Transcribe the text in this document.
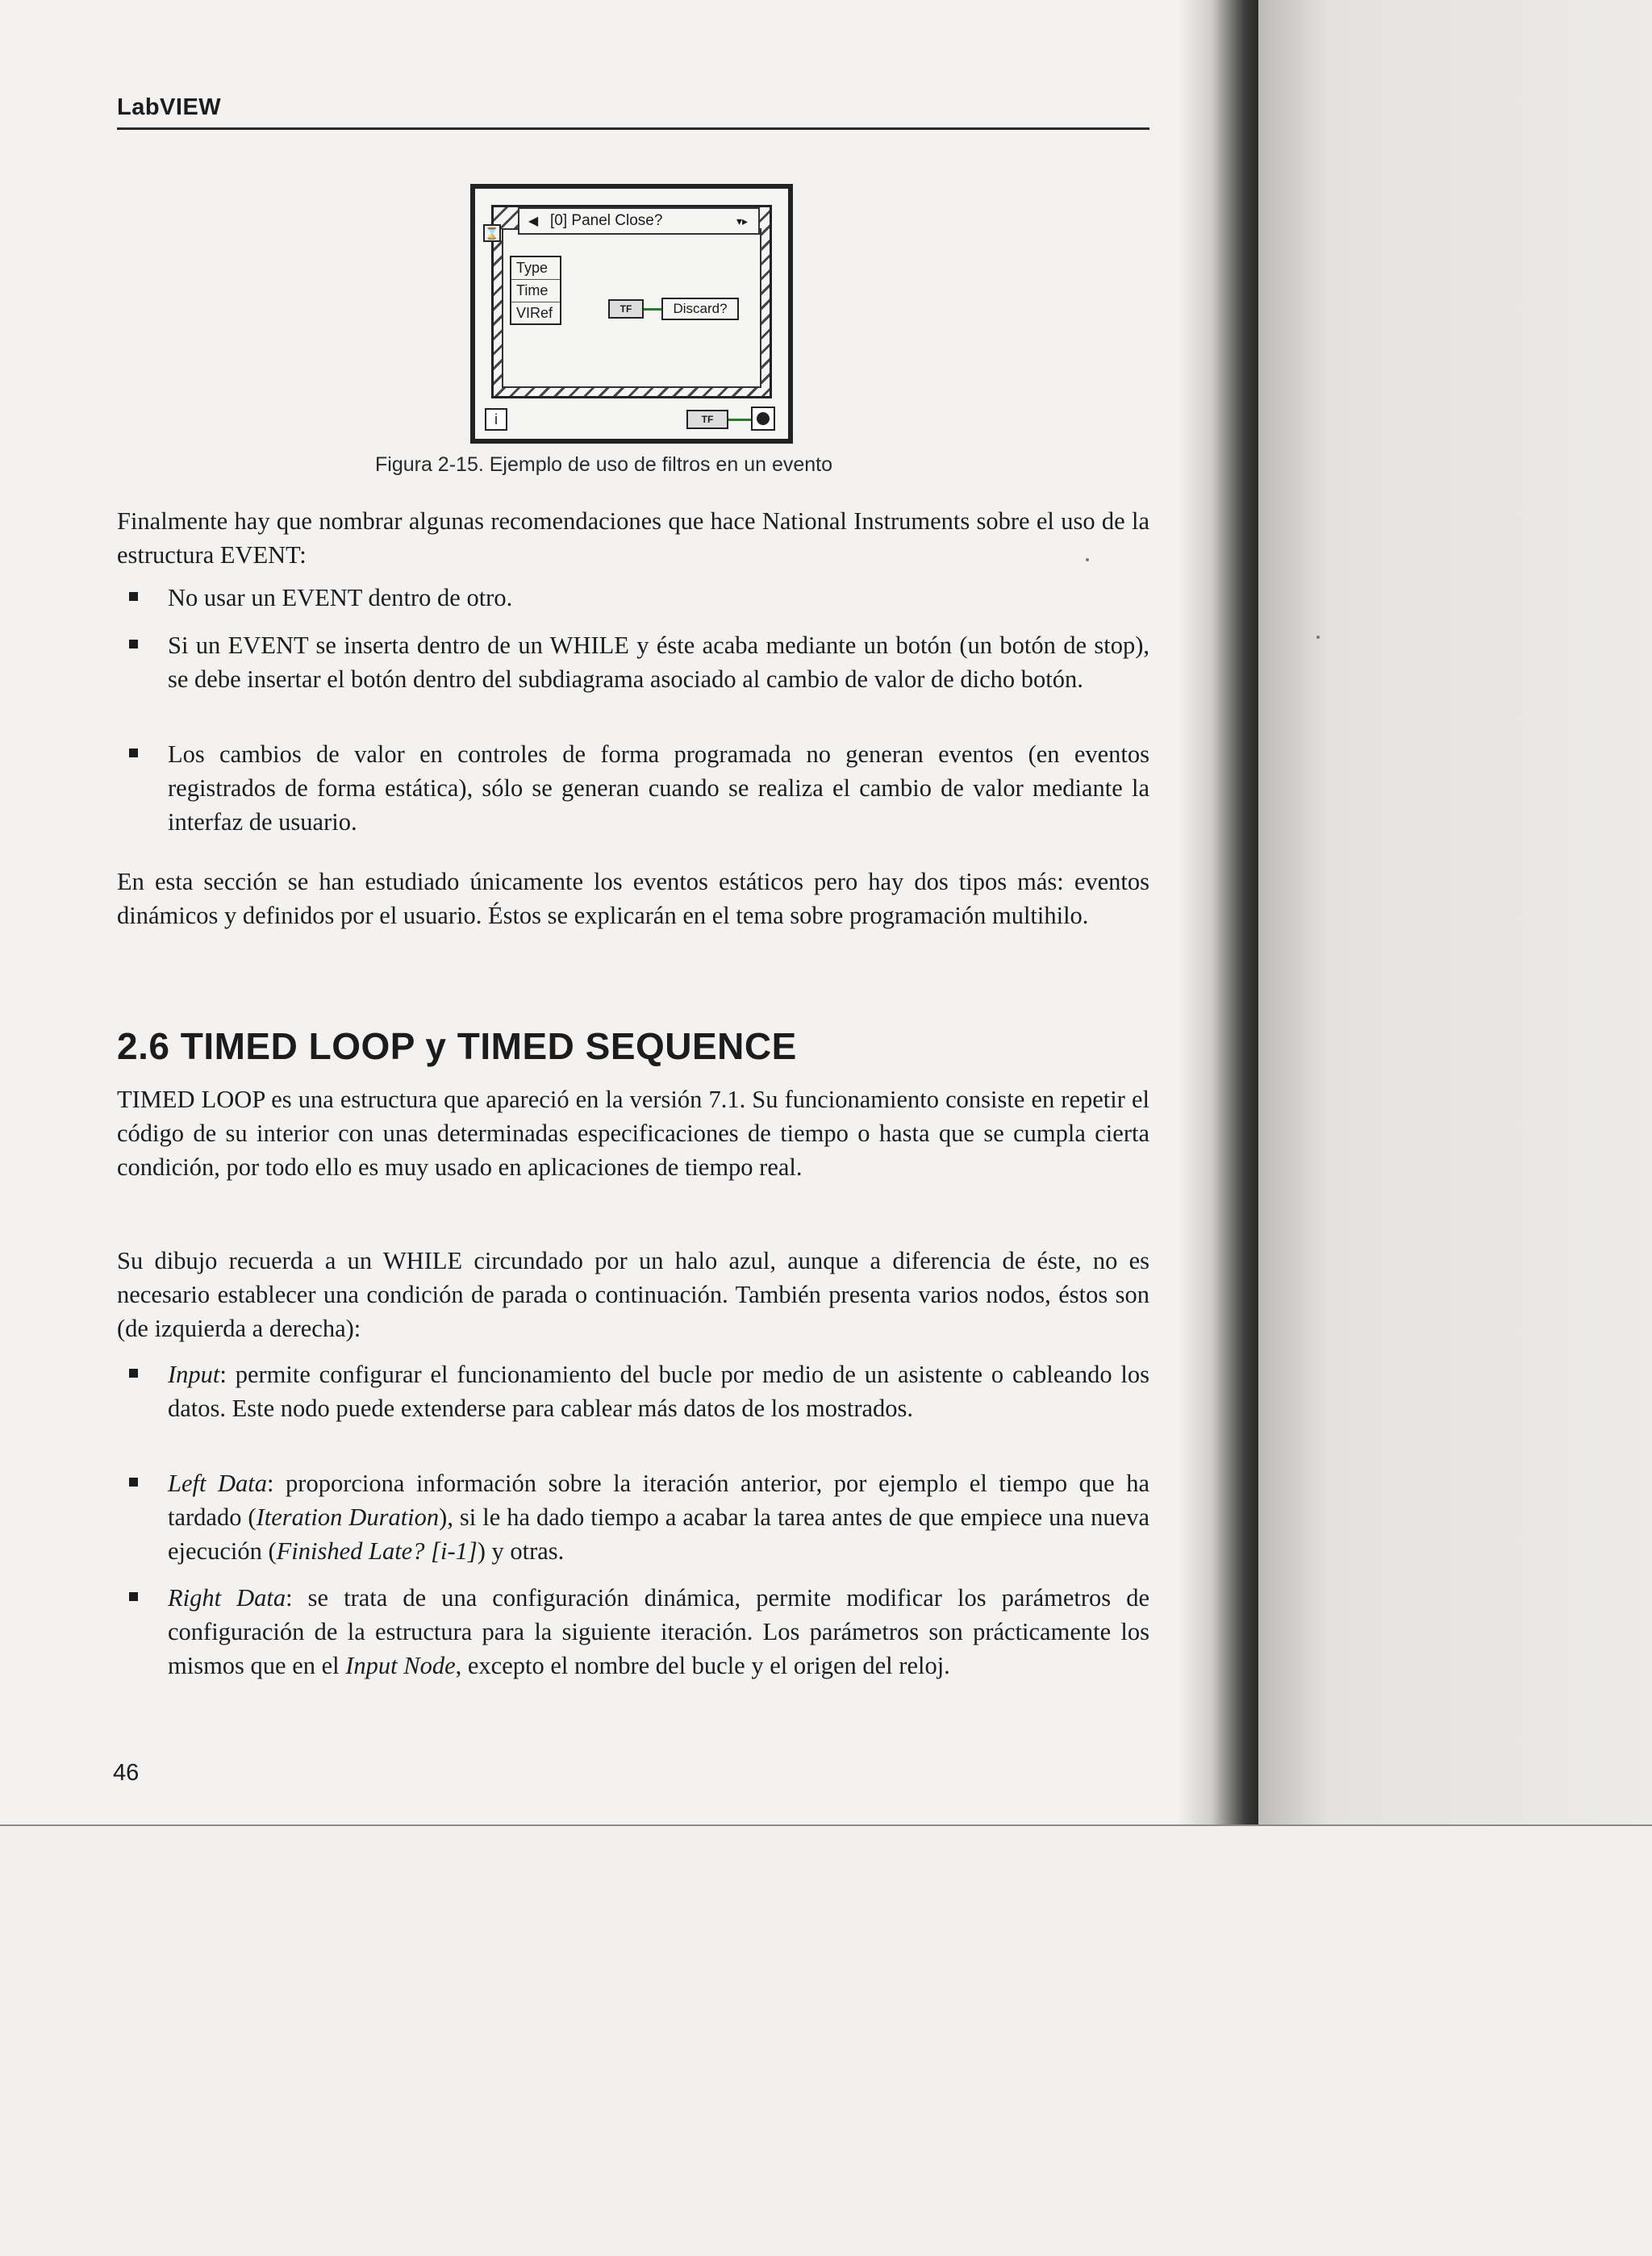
LabVIEW
◀ [0] Panel Close?	▾▸
Type
Time
VIRef	TF	Discard?
⌛
i	TF
Figura 2-15. Ejemplo de uso de filtros en un evento

Finalmente hay que nombrar algunas recomendaciones que hace National Instruments sobre el uso de la estructura EVENT:

No usar un EVENT dentro de otro.
Si un EVENT se inserta dentro de un WHILE y éste acaba mediante un botón (un botón de stop), se debe insertar el botón dentro del subdiagrama asociado al cambio de valor de dicho botón.
Los cambios de valor en controles de forma programada no generan eventos (en eventos registrados de forma estática), sólo se generan cuando se realiza el cambio de valor mediante la interfaz de usuario.

En esta sección se han estudiado únicamente los eventos estáticos pero hay dos tipos más: eventos dinámicos y definidos por el usuario. Éstos se explicarán en el tema sobre programación multihilo.

2.6 TIMED LOOP y TIMED SEQUENCE

TIMED LOOP es una estructura que apareció en la versión 7.1. Su funcionamiento consiste en repetir el código de su interior con unas determinadas especificaciones de tiempo o hasta que se cumpla cierta condición, por todo ello es muy usado en aplicaciones de tiempo real.

Su dibujo recuerda a un WHILE circundado por un halo azul, aunque a diferencia de éste, no es necesario establecer una condición de parada o continuación. También presenta varios nodos, éstos son (de izquierda a derecha):

Input: permite configurar el funcionamiento del bucle por medio de un asistente o cableando los datos. Este nodo puede extenderse para cablear más datos de los mostrados.
Left Data: proporciona información sobre la iteración anterior, por ejemplo el tiempo que ha tardado (Iteration Duration), si le ha dado tiempo a acabar la tarea antes de que empiece una nueva ejecución (Finished Late? [i-1]) y otras.
Right Data: se trata de una configuración dinámica, permite modificar los parámetros de configuración de la estructura para la siguiente iteración. Los parámetros son prácticamente los mismos que en el Input Node, excepto el nombre del bucle y el origen del reloj.
46
